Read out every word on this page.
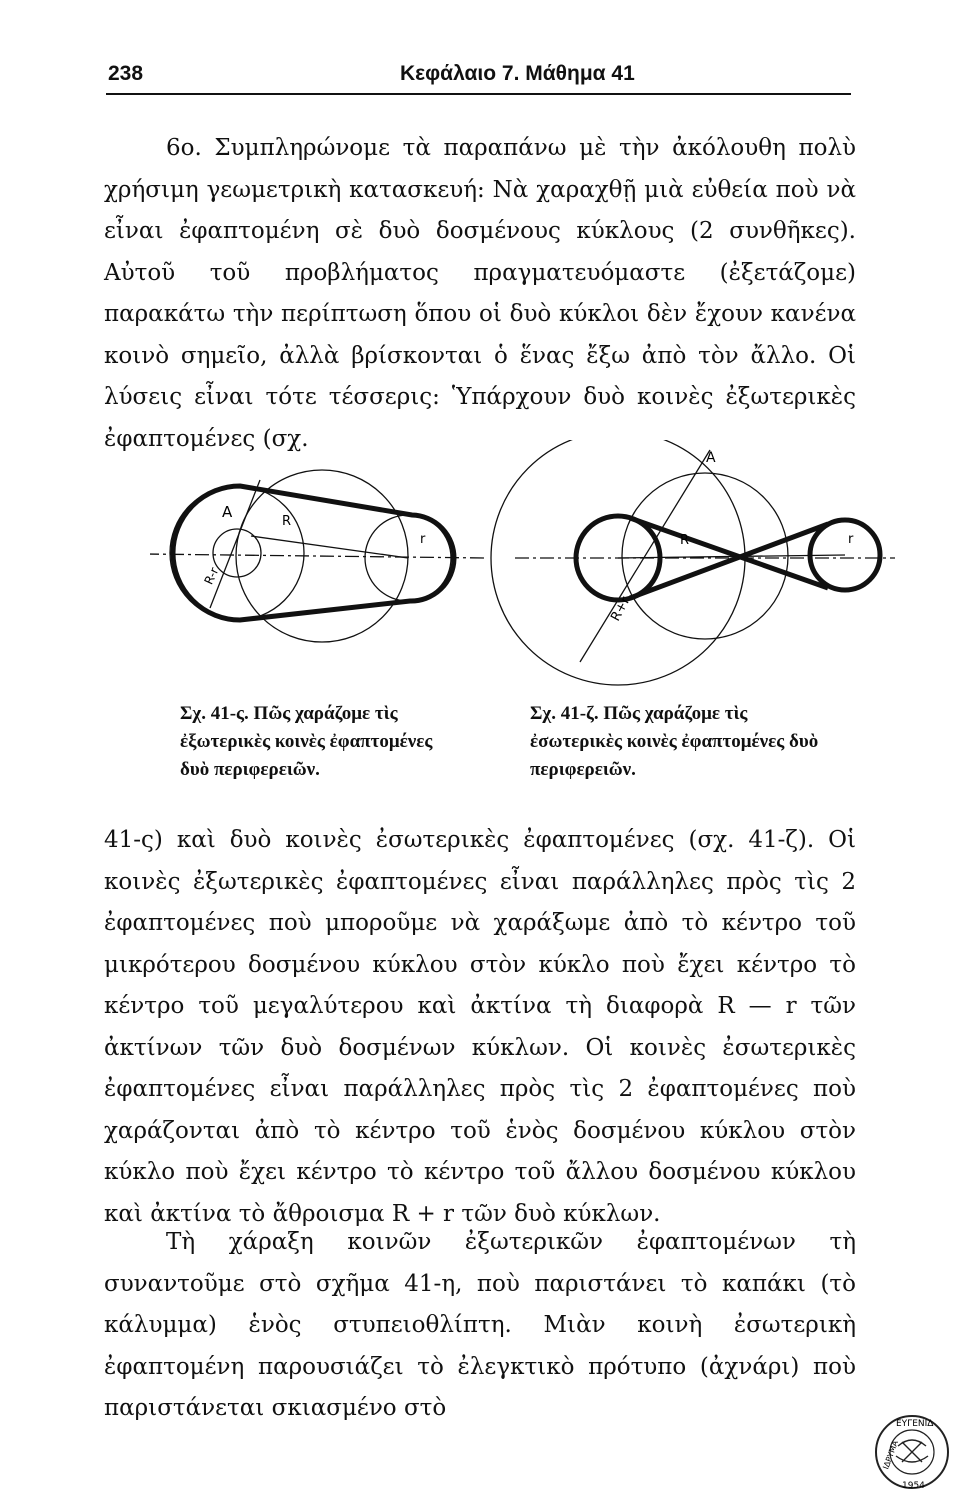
238	Κεφάλαιο 7. Μάθημα 41
6ο. Συμπληρώνομε τὰ παραπάνω μὲ τὴν ἀκόλουθη πολὺ χρήσιμη γεωμετρικὴ κατασκευή: Νὰ χαραχθῇ μιὰ εὐθεία ποὺ νὰ εἶναι ἐφαπτομένη σὲ δυὸ δοσμένους κύκλους (2 συνθῆκες). Αὐτοῦ τοῦ προβλήματος πραγματευόμαστε (ἐξετάζομε) παρακάτω τὴν περίπτωση ὅπου οἱ δυὸ κύκλοι δὲν ἔχουν κανένα κοινὸ σημεῖο, ἀλλὰ βρίσκονται ὁ ἕνας ἔξω ἀπὸ τὸν ἄλλο. Οἱ λύσεις εἶναι τότε τέσσερις: Ὑπάρχουν δυὸ κοινὲς ἐξωτερικὲς ἐφαπτομένες (σχ.
A
R
r
R-r
A
R	r
R+r
Σχ. 41-ς. Πῶς χαράζομε τὶς ἐξωτερικὲς κοινὲς ἐφαπτομένες δυὸ περιφερειῶν.
Σχ. 41-ζ. Πῶς χαράζομε τὶς ἐσωτερικὲς κοινὲς ἐφαπτομένες δυὸ περιφερειῶν.
41-ς) καὶ δυὸ κοινὲς ἐσωτερικὲς ἐφαπτομένες (σχ. 41-ζ). Οἱ κοινὲς ἐξωτερικὲς ἐφαπτομένες εἶναι παράλληλες πρὸς τὶς 2 ἐφαπτομένες ποὺ μποροῦμε νὰ χαράξωμε ἀπὸ τὸ κέντρο τοῦ μικρότερου δοσμένου κύκλου στὸν κύκλο ποὺ ἔχει κέντρο τὸ κέντρο τοῦ μεγαλύτερου καὶ ἀκτίνα τὴ διαφορὰ R — r τῶν ἀκτίνων τῶν δυὸ δοσμένων κύκλων. Οἱ κοινὲς ἐσωτερικὲς ἐφαπτομένες εἶναι παράλληλες πρὸς τὶς 2 ἐφαπτομένες ποὺ χαράζονται ἀπὸ τὸ κέντρο τοῦ ἑνὸς δοσμένου κύκλου στὸν κύκλο ποὺ ἔχει κέντρο τὸ κέντρο τοῦ ἄλλου δοσμένου κύκλου καὶ ἀκτίνα τὸ ἄθροισμα R + r τῶν δυὸ κύκλων.
Τὴ χάραξη κοινῶν ἐξωτερικῶν ἐφαπτομένων τὴ συναντοῦμε στὸ σχῆμα 41-η, ποὺ παριστάνει τὸ καπάκι (τὸ κάλυμμα) ἑνὸς στυπειοθλίπτη. Μιὰν κοινὴ ἐσωτερικὴ ἐφαπτομένη παρουσιάζει τὸ ἐλεγκτικὸ πρότυπο (ἀχνάρι) ποὺ παριστάνεται σκιασμένο στὸ
ΕΥΓΕΝΙΔ
ΙΔΡΥΜΑ
1954
